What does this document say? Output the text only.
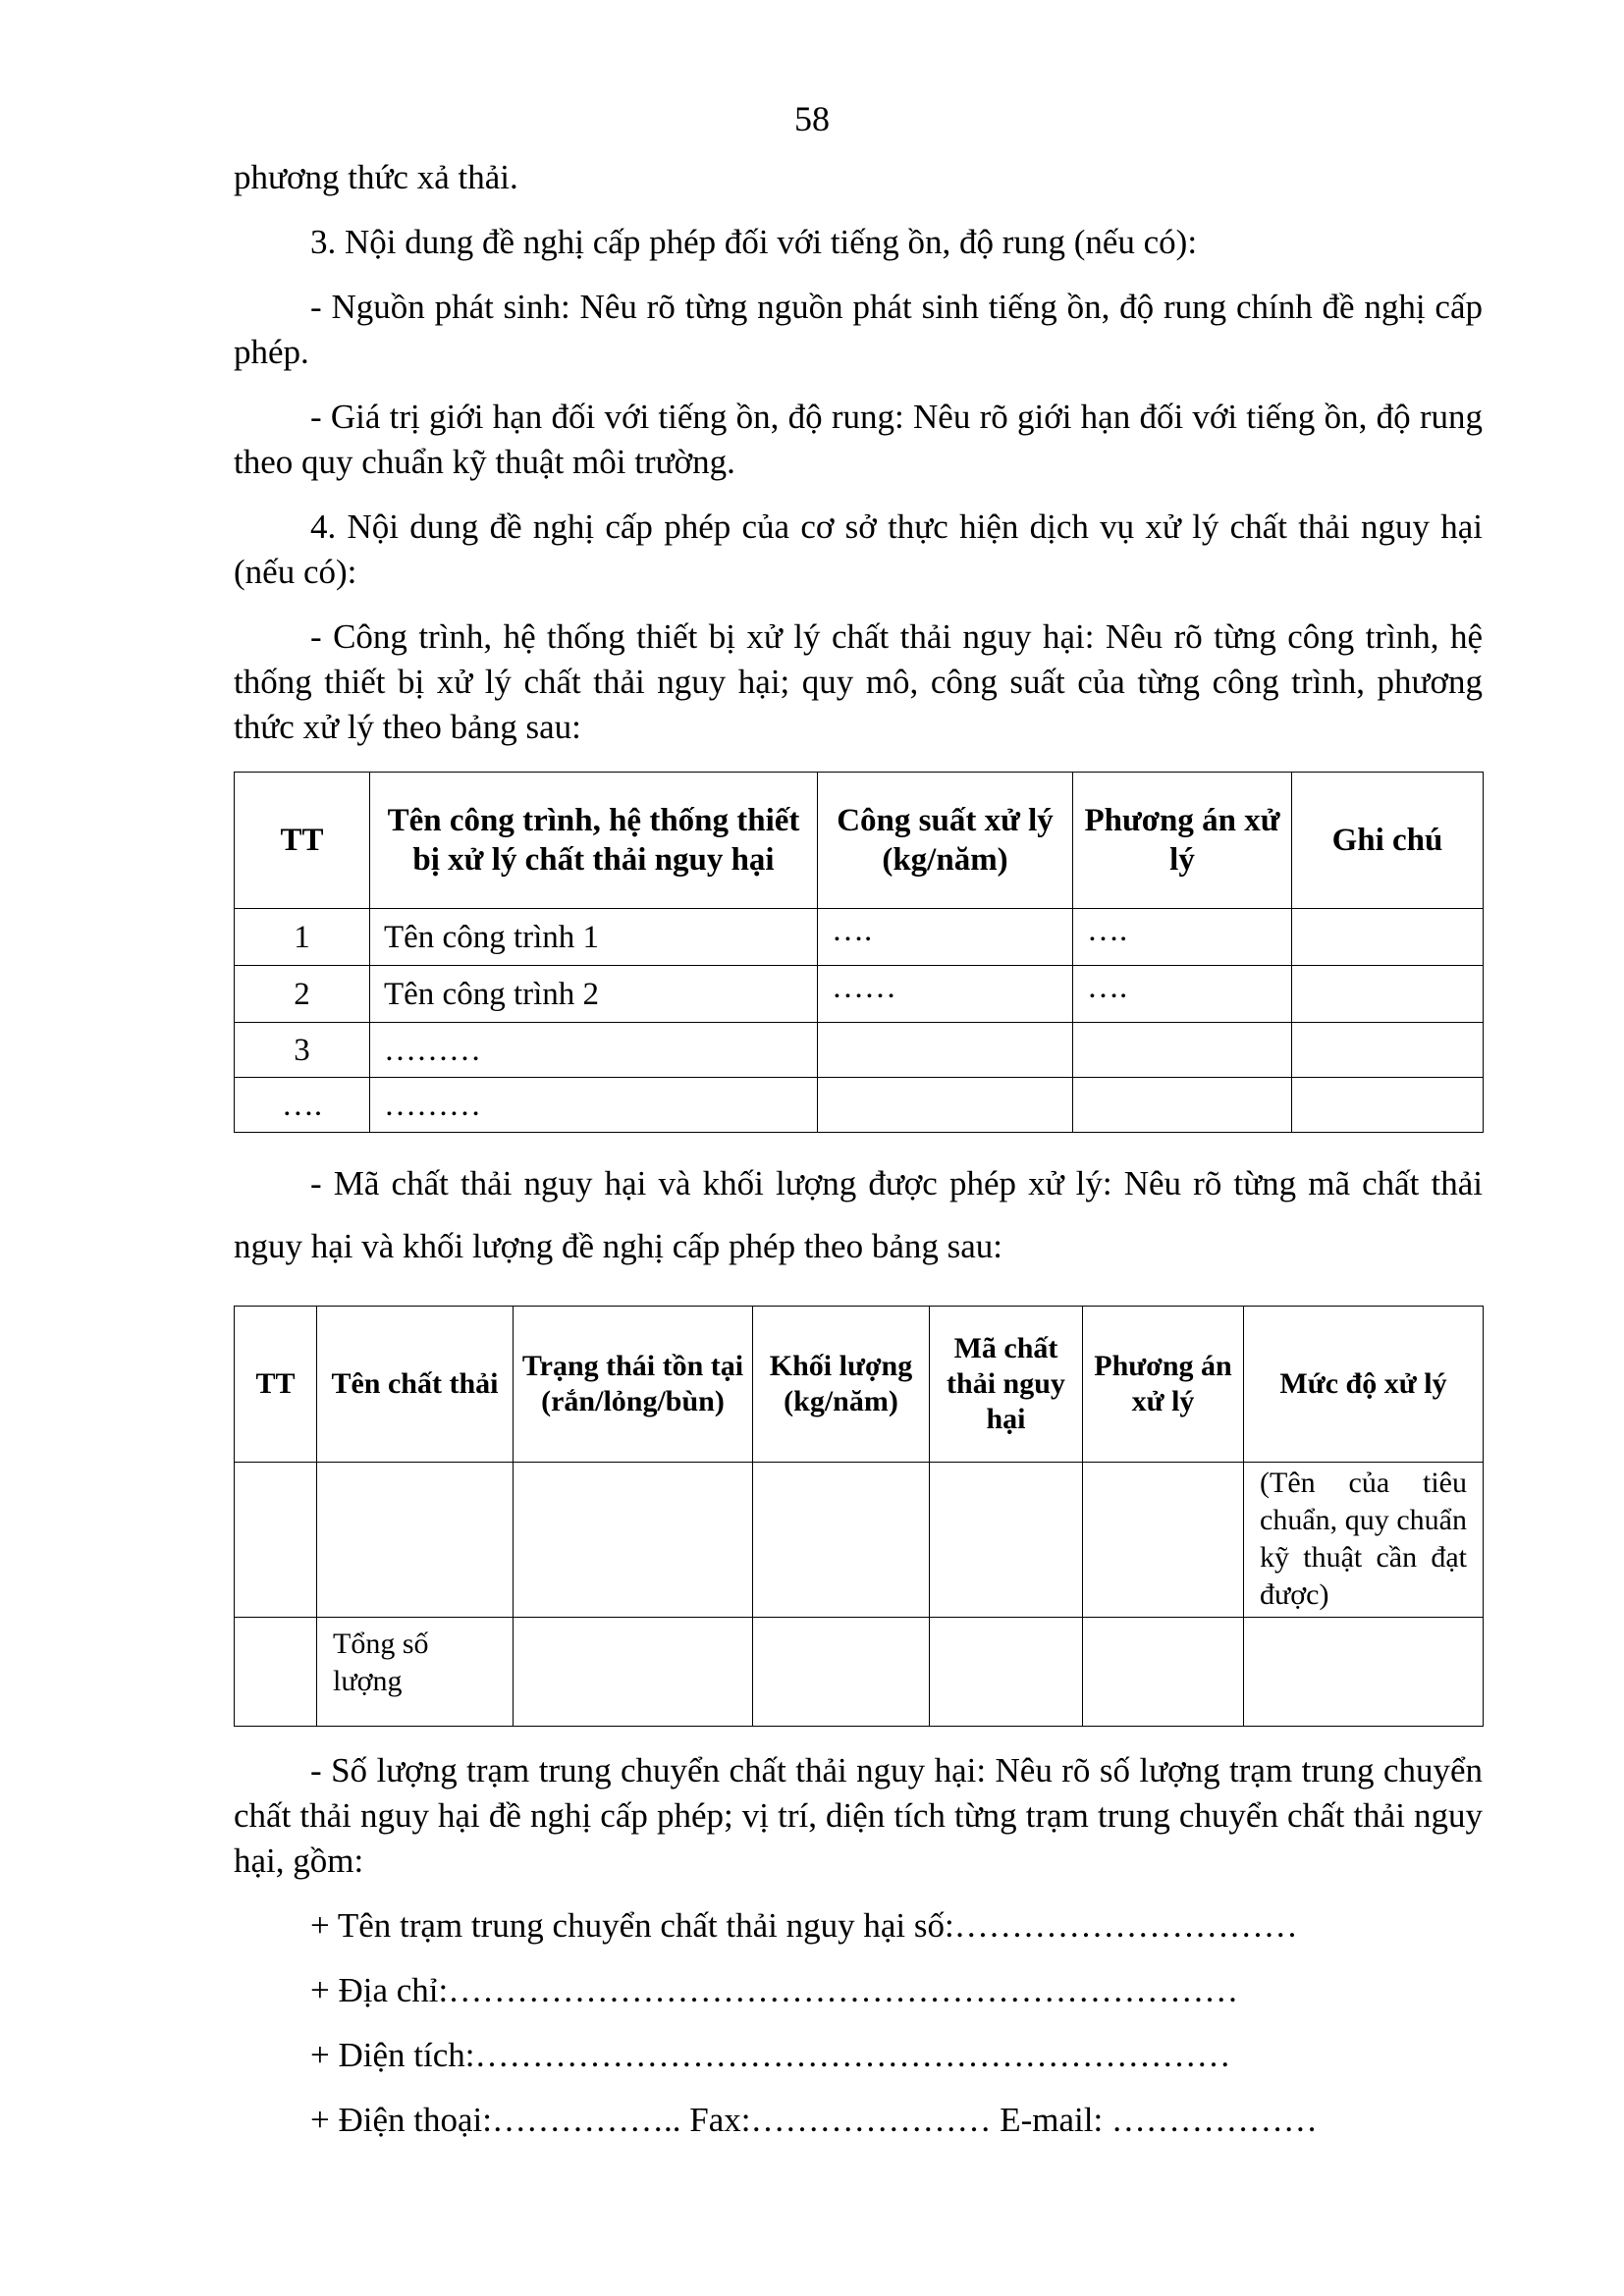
58

phương thức xả thải.

3. Nội dung đề nghị cấp phép đối với tiếng ồn, độ rung (nếu có):

- Nguồn phát sinh: Nêu rõ từng nguồn phát sinh tiếng ồn, độ rung chính đề nghị cấp phép.

- Giá trị giới hạn đối với tiếng ồn, độ rung: Nêu rõ giới hạn đối với tiếng ồn, độ rung theo quy chuẩn kỹ thuật môi trường.

4. Nội dung đề nghị cấp phép của cơ sở thực hiện dịch vụ xử lý chất thải nguy hại (nếu có):

- Công trình, hệ thống thiết bị xử lý chất thải nguy hại: Nêu rõ từng công trình, hệ thống thiết bị xử lý chất thải nguy hại; quy mô, công suất của từng công trình, phương thức xử lý theo bảng sau:

TT	Tên công trình, hệ thống thiết bị xử lý chất thải nguy hại	Công suất xử lý (kg/năm)	Phương án xử lý	Ghi chú
1	Tên công trình 1	….	….	
2	Tên công trình 2	……	….	
3	………			
….	………			

- Mã chất thải nguy hại và khối lượng được phép xử lý: Nêu rõ từng mã chất thải nguy hại và khối lượng đề nghị cấp phép theo bảng sau:

TT	Tên chất thải	Trạng thái tồn tại (rắn/lỏng/bùn)	Khối lượng (kg/năm)	Mã chất thải nguy hại	Phương án xử lý	Mức độ xử lý
						(Tên của tiêu chuẩn, quy chuẩn kỹ thuật cần đạt được)
	Tổng số lượng					

- Số lượng trạm trung chuyển chất thải nguy hại: Nêu rõ số lượng trạm trung chuyển chất thải nguy hại đề nghị cấp phép; vị trí, diện tích từng trạm trung chuyển chất thải nguy hại, gồm:

+ Tên trạm trung chuyển chất thải nguy hại số:…………………………

+ Địa chỉ:……………………………………………………………

+ Diện tích:…………………………………………………………

+ Điện thoại:…………….. Fax:………………… E-mail: ………………
